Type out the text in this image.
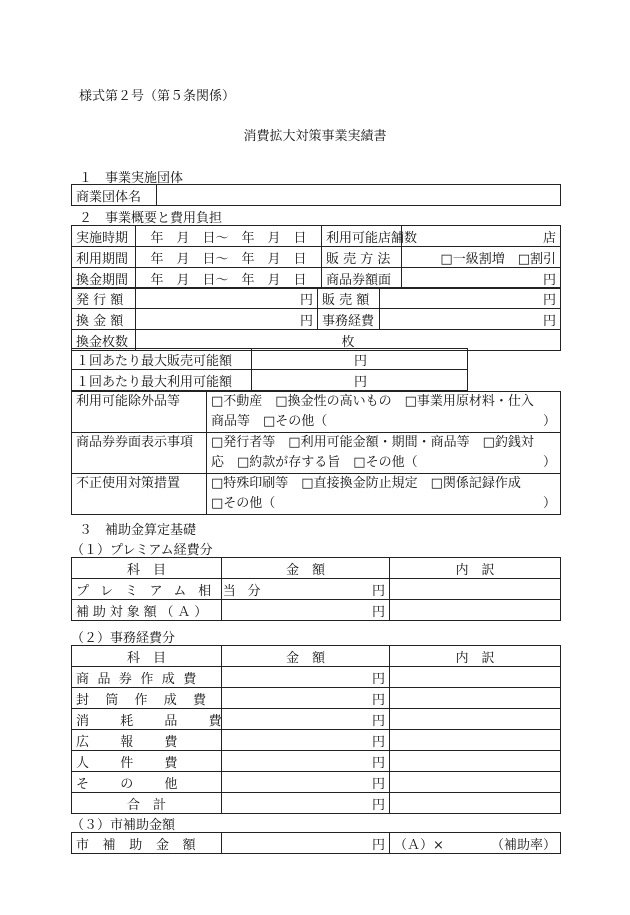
様式第２号（第５条関係）
消費拡大対策事業実績書
１　事業実施団体
商業団体名	
２　事業概要と費用負担
実施時期	年　月　日～　年　月　日	利用可能店舗数	店
利用期間	年　月　日～　年　月　日	販 売 方 法	□一級割増　□割引
換金期間	年　月　日～　年　月　日	商品券額面	円
発 行 額	円	販 売 額	円
換 金 額	円	事務経費	円
換金枚数	枚		
１回あたり最大販売可能額	円	
１回あたり最大利用可能額	円	
利用可能除外品等	□不動産　□換金性の高いもの　□事業用原材料・仕入
商品等　□その他（ ）

商品券券面表示事項	□発行者等　□利用可能金額・期間・商品等　□釣銭対
応　□約款が存する旨　□その他（ ）

不正使用対策措置	□特殊印刷等　□直接換金防止規定　□関係記録作成
□その他（ ）
３　補助金算定基礎
（１）プレミアム経費分
科　目	金　額	内　訳
プレミアム相当分	円	
補助対象額（Ａ）	円	
（２）事務経費分
科　目	金　額	内　訳
商品券作成費	円	
封筒作成費	円	
消耗品費	円	
広報費	円	
人件費	円	
その他	円	
合　計	円	
（３）市補助金額
市補助金額	円	（Ａ）×	（補助率）
